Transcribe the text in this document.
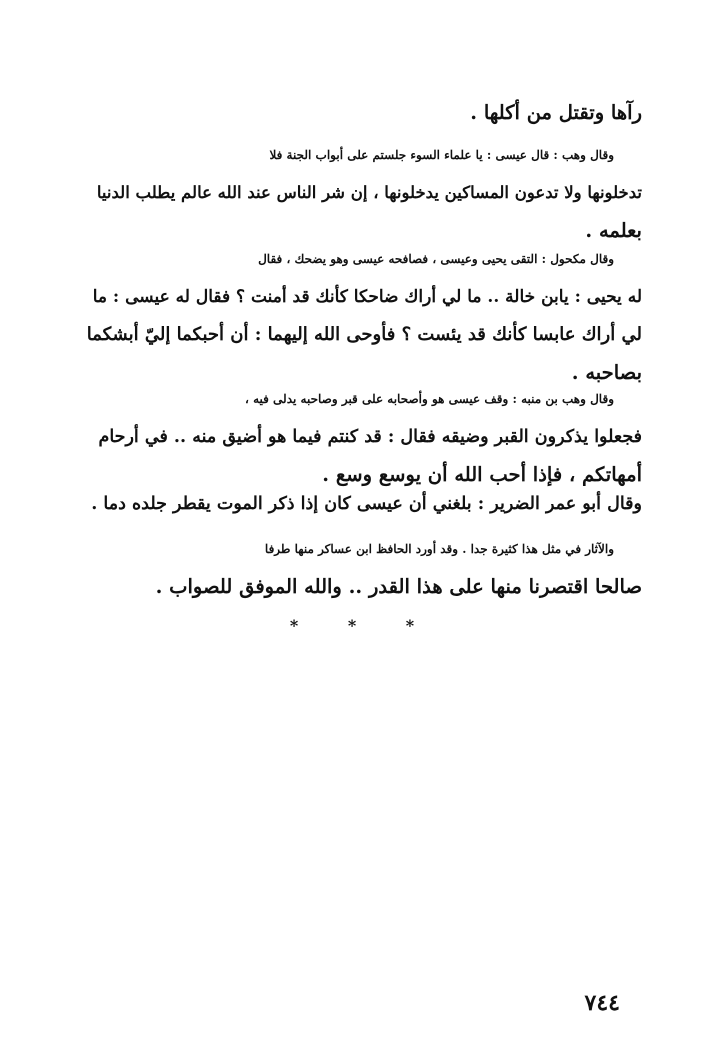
رآها وتقتل من أكلها .
وقال وهب : قال عيسى : يا علماء السوء جلستم على أبواب الجنة فلا
تدخلونها ولا تدعون المساكين يدخلونها ، إن شر الناس عند الله عالم يطلب الدنيا
بعلمه .
وقال مكحول : التقى يحيى وعيسى ، فصافحه عيسى وهو يضحك ، فقال
له يحيى : يابن خالة .. ما لي أراك ضاحكا كأنك قد أمنت ؟ فقال له عيسى : ما
لي أراك عابسا كأنك قد يئست ؟ فأوحى الله إليهما : أن أحبكما إليّ أبشكما
بصاحبه .
وقال وهب بن منبه : وقف عيسى هو وأصحابه على قبر وصاحبه يدلى فيه ،
فجعلوا يذكرون القبر وضيقه فقال : قد كنتم فيما هو أضيق منه .. في أرحام
أمهاتكم ، فإذا أحب الله أن يوسع وسع .
وقال أبو عمر الضرير : بلغني أن عيسى كان إذا ذكر الموت يقطر جلده دما .
والآثار في مثل هذا كثيرة جدا . وقد أورد الحافظ ابن عساكر منها طرفا
صالحا اقتصرنا منها على هذا القدر .. والله الموفق للصواب .
* * *
٧٤٤
